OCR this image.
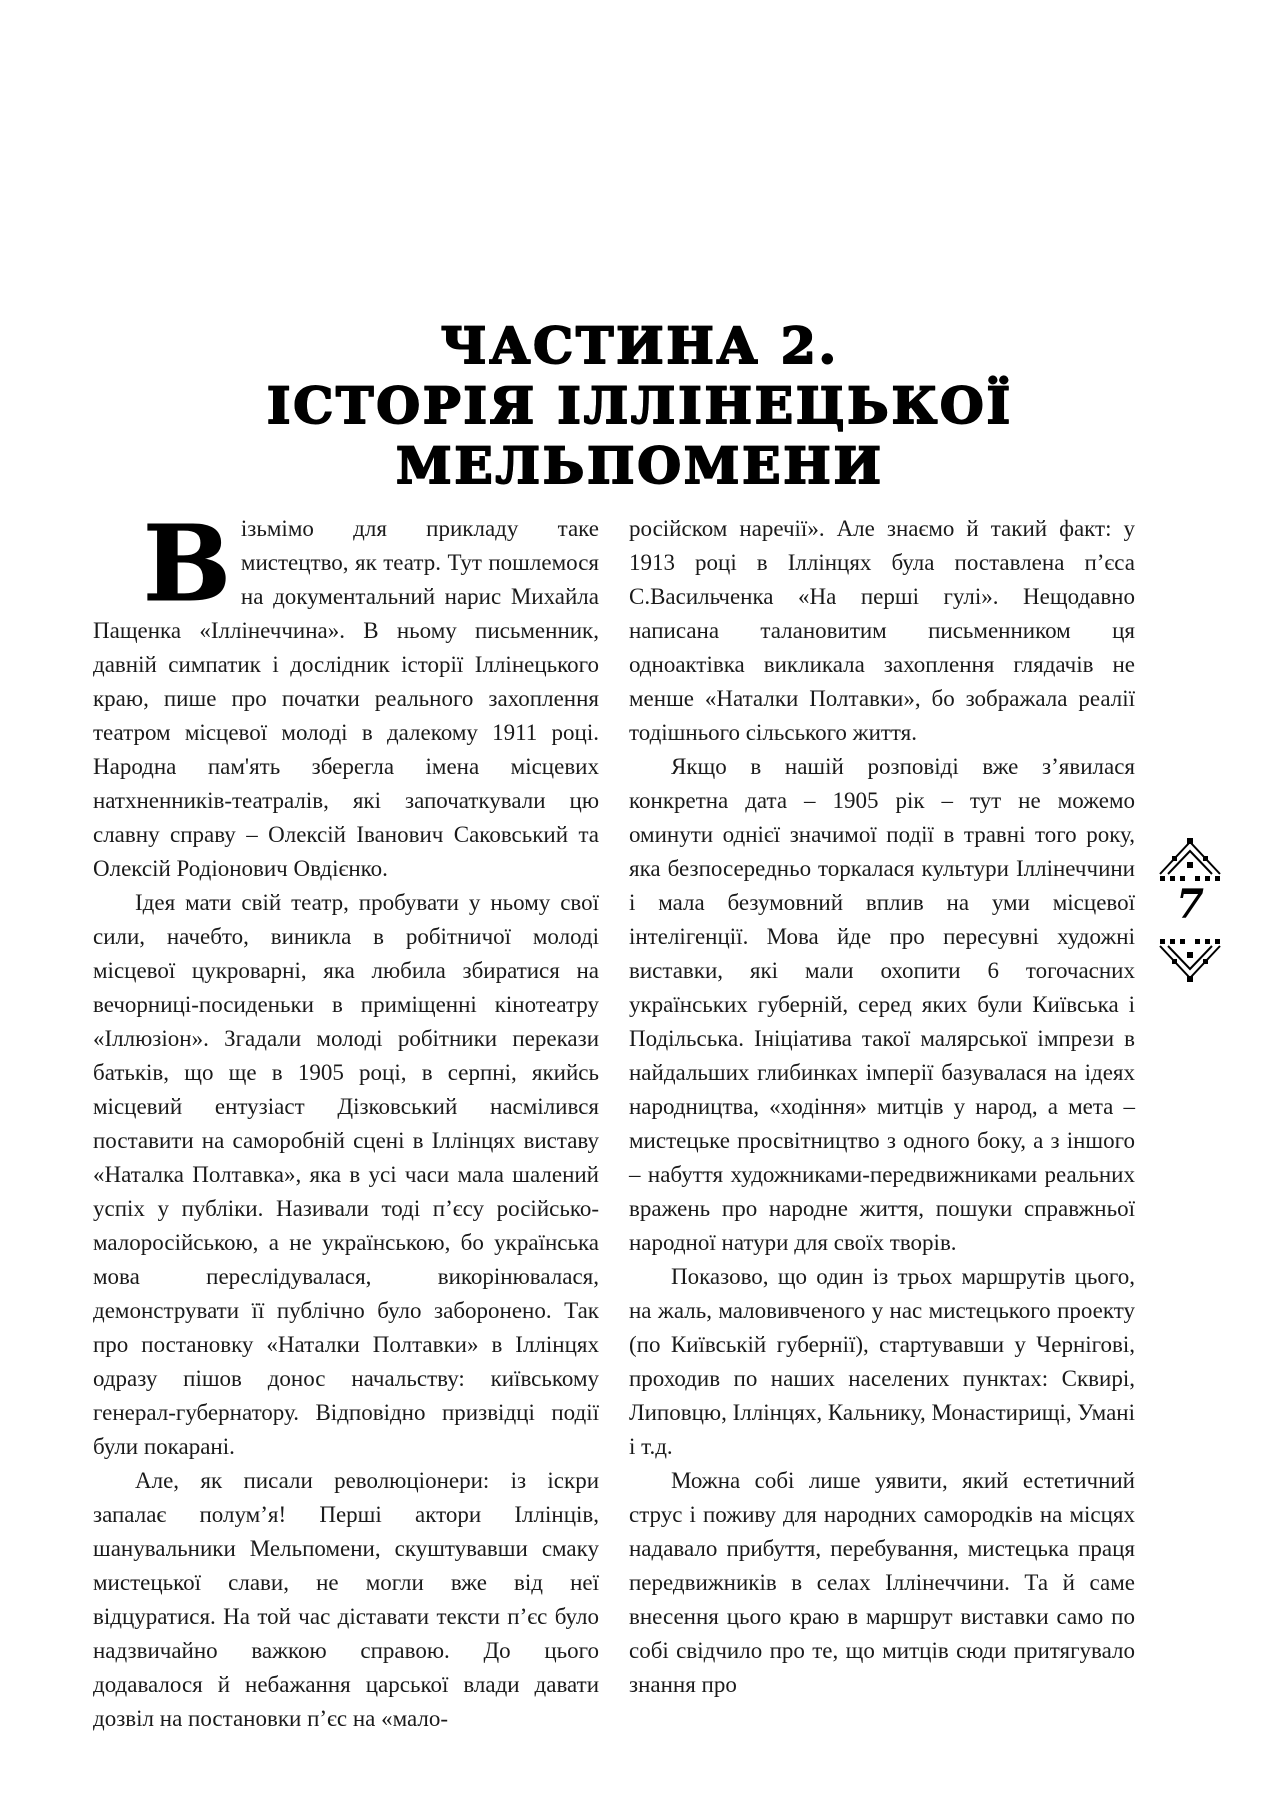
ЧАСТИНА 2.
ІСТОРІЯ ІЛЛІНЕЦЬКОЇ
МЕЛЬПОМЕНИ

Візьмімо для прикладу таке мистецтво, як театр. Тут пошлемося на документальний нарис Михайла Пащенка «Іллінеччина». В ньому письменник, давній симпатик і дослідник історії Іллінецького краю, пише про початки реального захоплення театром місцевої молоді в далекому 1911 році. Народна пам'ять зберегла імена місцевих натхненників-театралів, які започаткували цю славну справу – Олексій Іванович Саковський та Олексій Родіонович Овдієнко.

Ідея мати свій театр, пробувати у ньому свої сили, начебто, виникла в робітничої молоді місцевої цукроварні, яка любила збиратися на вечорниці-посиденьки в приміщенні кінотеатру «Іллюзіон». Згадали молоді робітники перекази батьків, що ще в 1905 році, в серпні, якийсь місцевий ентузіаст Дізковський насмілився поставити на саморобній сцені в Іллінцях виставу «Наталка Полтавка», яка в усі часи мала шалений успіх у публіки. Називали тоді п’єсу російсько-малоросійською, а не українською, бо українська мова переслідувалася, викорінювалася, демонструвати її публічно було заборонено. Так про постановку «Наталки Полтавки» в Іллінцях одразу пішов донос начальству: київському генерал-губернатору. Відповідно призвідці події були покарані.

Але, як писали революціонери: із іскри запалає полум’я! Перші актори Іллінців, шанувальники Мельпомени, скуштувавши смаку мистецької слави, не могли вже від неї відцуратися. На той час діставати тексти п’єс було надзвичайно важкою справою. До цього додавалося й небажання царської влади давати дозвіл на постановки п’єс на «мало-

російском наречії». Але знаємо й такий факт: у 1913 році в Іллінцях була поставлена п’єса С.Васильченка «На перші гулі». Нещодавно написана талановитим письменником ця одноактівка викликала захоплення глядачів не менше «Наталки Полтавки», бо зображала реалії тодішнього сільського життя.

Якщо в нашій розповіді вже з’явилася конкретна дата – 1905 рік – тут не можемо оминути однієї значимої події в травні того року, яка безпосередньо торкалася культури Іллінеччини і мала безумовний вплив на уми місцевої інтелігенції. Мова йде про пересувні художні виставки, які мали охопити 6 тогочасних українських губерній, серед яких були Київська і Подільська. Ініціатива такої малярської імпрези в найдальших глибинках імперії базувалася на ідеях народництва, «ходіння» митців у народ, а мета – мистецьке просвітництво з одного боку, а з іншого – набуття художниками-передвижниками реальних вражень про народне життя, пошуки справжньої народної натури для своїх творів.

Показово, що один із трьох маршрутів цього, на жаль, маловивченого у нас мистецького проекту (по Київській губернії), стартувавши у Чернігові, проходив по наших населених пунктах: Сквирі, Липовцю, Іллінцях, Кальнику, Монастирищі, Умані і т.д.

Можна собі лише уявити, який естетичний струс і поживу для народних самородків на місцях надавало прибуття, перебування, мистецька праця передвижників в селах Іллінеччини. Та й саме внесення цього краю в маршрут виставки само по собі свідчило про те, що митців сюди притягувало знання про

7
